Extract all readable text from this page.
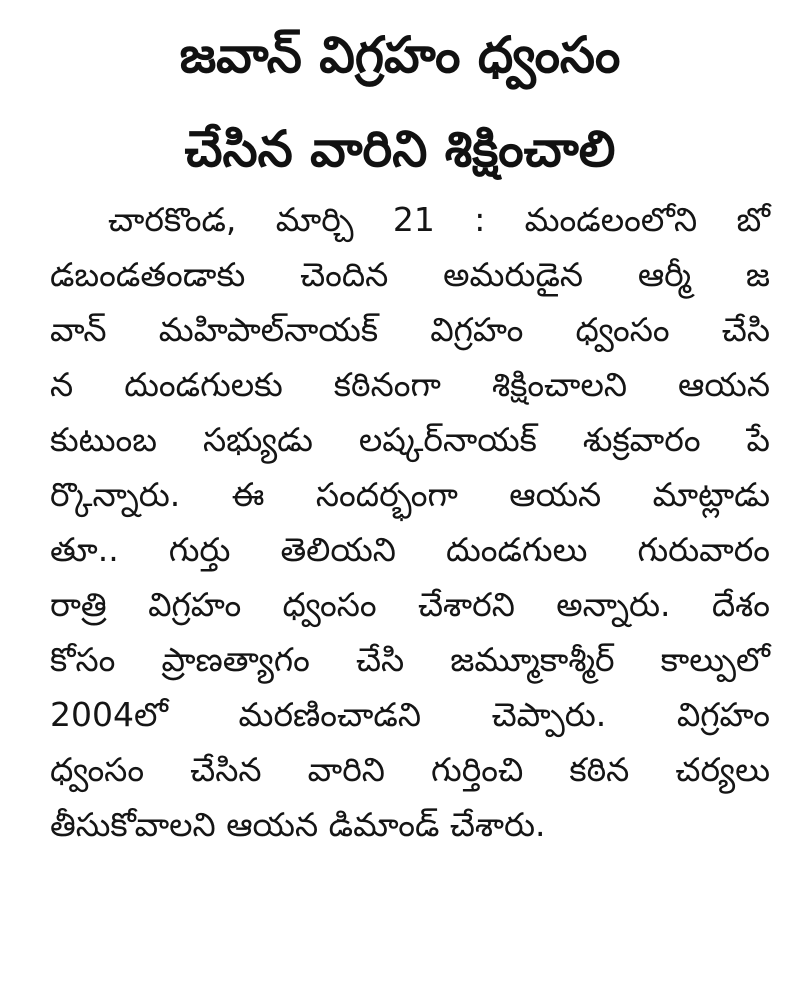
జవాన్ విగ్రహం ధ్వంసం
చేసిన వారిని శిక్షించాలి
చారకొండ, మార్చి 21 : మండలంలోని బో
డబండతండాకు చెందిన అమరుడైన ఆర్మీ జ
వాన్ మహిపాల్‌నాయక్ విగ్రహం ధ్వంసం చేసి
న దుండగులకు కఠినంగా శిక్షించాలని ఆయన
కుటుంబ సభ్యుడు లష్కర్‌నాయక్ శుక్రవారం పే
ర్కొన్నారు. ఈ సందర్భంగా ఆయన మాట్లాడు
తూ.. గుర్తు తెలియని దుండగులు గురువారం
రాత్రి విగ్రహం ధ్వంసం చేశారని అన్నారు. దేశం
కోసం ప్రాణత్యాగం చేసి జమ్మూకాశ్మీర్ కాల్పులో
2004లో మరణించాడని చెప్పారు. విగ్రహం
ధ్వంసం చేసిన వారిని గుర్తించి కఠిన చర్యలు
తీసుకోవాలని ఆయన డిమాండ్ చేశారు.
